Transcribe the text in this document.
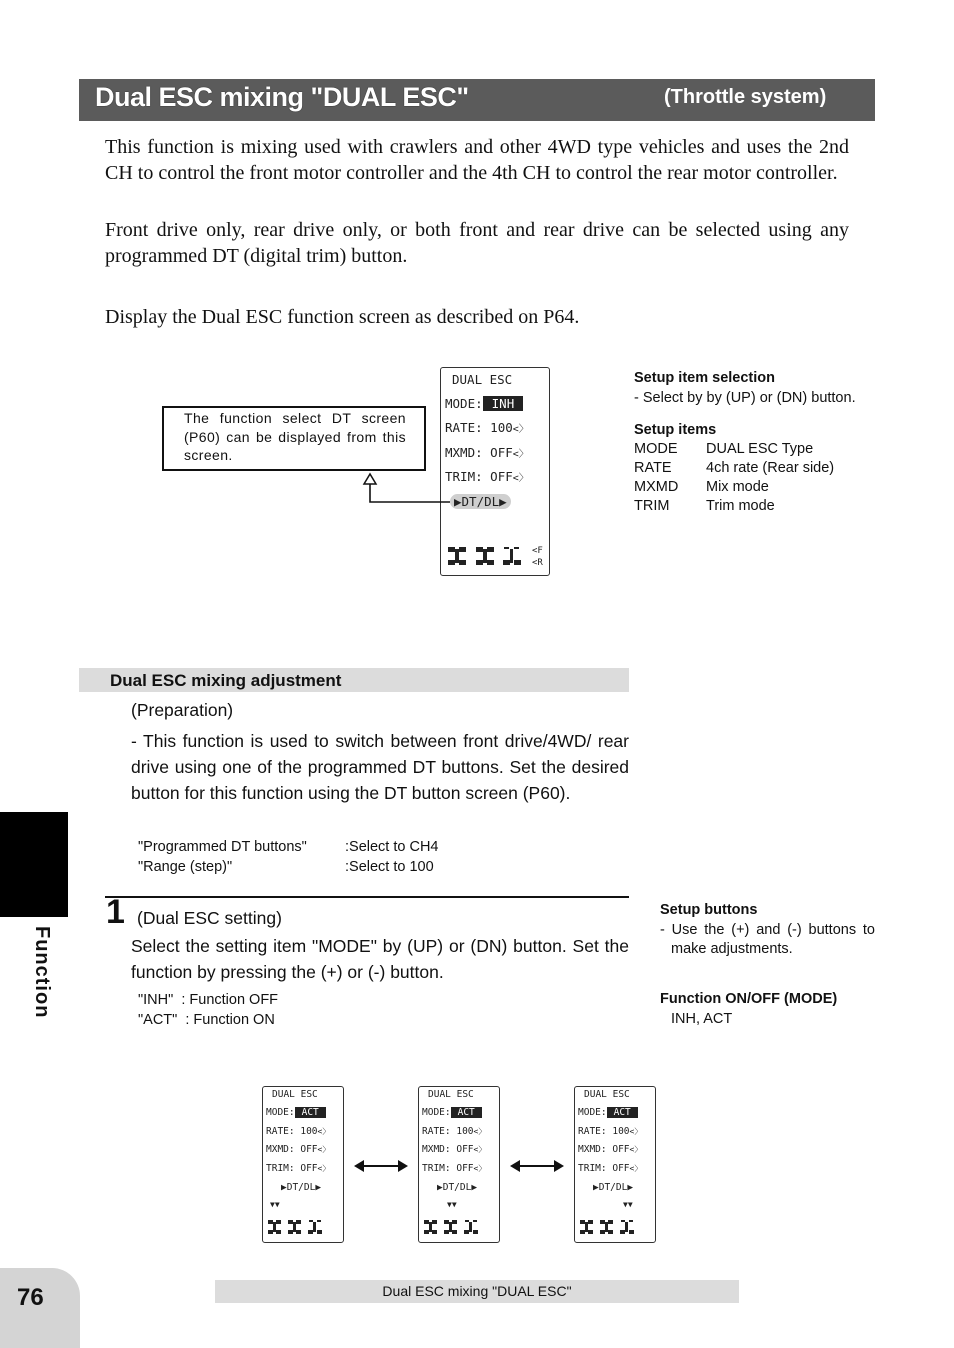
Dual ESC mixing "DUAL ESC"	(Throttle system)
This function is mixing used with crawlers and other 4WD type vehicles and uses the 2nd CH to control the front motor controller and the 4th CH to control the rear motor controller.
Front drive only, rear drive only, or both front and rear drive can be selected using any programmed DT (digital trim) button.
Display the Dual ESC function screen as described on P64.
DUAL ESC
MODE: INH
RATE: 100<〉
MXMD: OFF<〉
TRIM: OFF<〉
▶DT/DL▶
<F
<R
The function select DT screen (P60) can be displayed from this screen.
Setup item selection
- Select by by (UP) or (DN) button.
Setup items
MODE DUAL ESC Type
RATE 4ch rate (Rear side)
MXMD Mix mode
TRIM	Trim mode
Dual ESC mixing adjustment
(Preparation)
- This function is used to switch between front drive/4WD/ rear drive using one of the programmed DT buttons. Set the desired button for this function using the DT button screen (P60).
"Programmed DT buttons"	:Select to CH4
"Range (step)"	:Select to 100
1 (Dual ESC setting)
Select the setting item "MODE" by (UP) or (DN) button. Set the function by pressing the (+) or (-) button.
"INH" : Function OFF
"ACT" : Function ON
Setup buttons
- Use the (+) and (-) buttons to make adjustments.
Function ON/OFF (MODE)
INH, ACT
DUAL ESC
MODE: ACT
RATE: 100<〉
MXMD: OFF<〉
TRIM: OFF<〉
▶DT/DL▶
▼▼
DUAL ESC
MODE: ACT
RATE: 100<〉
MXMD: OFF<〉
TRIM: OFF<〉
▶DT/DL▶
▼▼
DUAL ESC
MODE: ACT
RATE: 100<〉
MXMD: OFF<〉
TRIM: OFF<〉
▶DT/DL▶
▼▼
Function
76	Dual ESC mixing "DUAL ESC"
